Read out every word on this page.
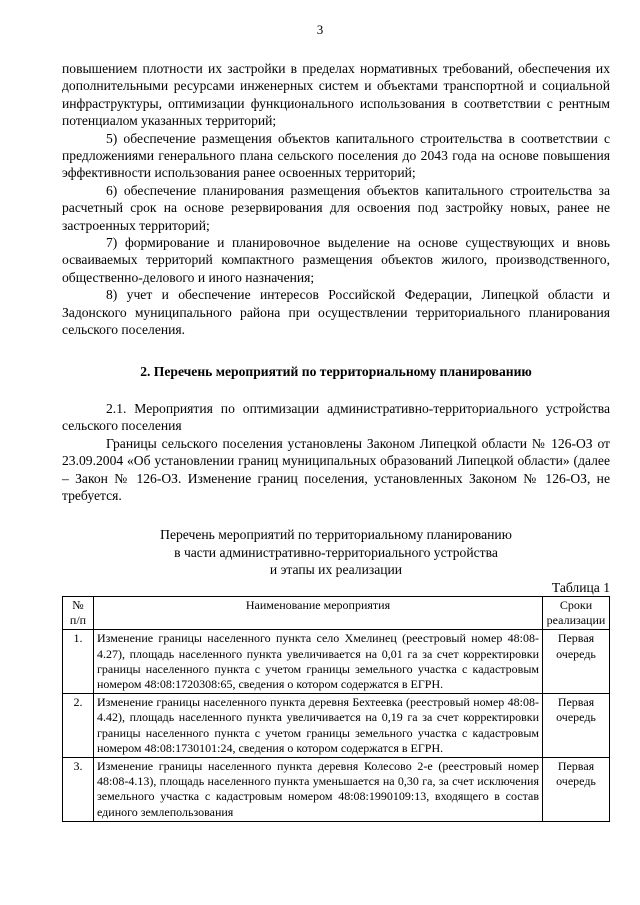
3

повышением плотности их застройки в пределах нормативных требований, обеспечения их дополнительными ресурсами инженерных систем и объектами транспортной и социальной инфраструктуры, оптимизации функционального использования в соответствии с рентным потенциалом указанных территорий;

5) обеспечение размещения объектов капитального строительства в соответствии с предложениями генерального плана сельского поселения до 2043 года на основе повышения эффективности использования ранее освоенных территорий;

6) обеспечение планирования размещения объектов капитального строительства за расчетный срок на основе резервирования для освоения под застройку новых, ранее не застроенных территорий;

7) формирование и планировочное выделение на основе существующих и вновь осваиваемых территорий компактного размещения объектов жилого, производственного, общественно-делового и иного назначения;

8) учет и обеспечение интересов Российской Федерации, Липецкой области и Задонского муниципального района при осуществлении территориального планирования сельского поселения.

2. Перечень мероприятий по территориальному планированию

2.1. Мероприятия по оптимизации административно-территориального устройства сельского поселения

Границы сельского поселения установлены Законом Липецкой области № 126-ОЗ от 23.09.2004 «Об установлении границ муниципальных образований Липецкой области» (далее – Закон № 126-ОЗ. Изменение границ поселения, установленных Законом № 126-ОЗ, не требуется.

Перечень мероприятий по территориальному планированию
в части административно-территориального устройства
и этапы их реализации
Таблица 1
№ п/п	Наименование мероприятия	Сроки реализации
1.	Изменение границы населенного пункта село Хмелинец (реестровый номер 48:08-4.27), площадь населенного пункта увеличивается на 0,01 га за счет корректировки границы населенного пункта с учетом границы земельного участка с кадастровым номером 48:08:1720308:65, сведения о котором содержатся в ЕГРН.	Первая очередь
2.	Изменение границы населенного пункта деревня Бехтеевка (реестровый номер 48:08-4.42), площадь населенного пункта увеличивается на 0,19 га за счет корректировки границы населенного пункта с учетом границы земельного участка с кадастровым номером 48:08:1730101:24, сведения о котором содержатся в ЕГРН.	Первая очередь
3.	Изменение границы населенного пункта деревня Колесово 2-е (реестровый номер 48:08-4.13), площадь населенного пункта уменьшается на 0,30 га, за счет исключения земельного участка с кадастровым номером 48:08:1990109:13, входящего в состав единого землепользования	Первая очередь
